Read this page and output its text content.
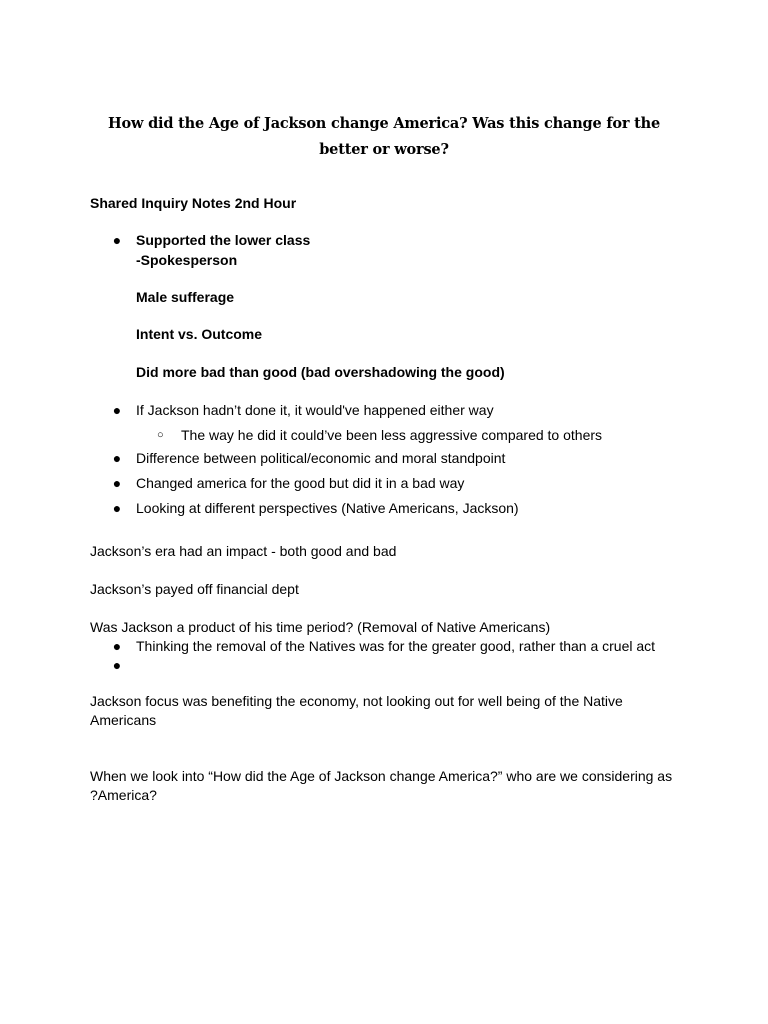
How did the Age of Jackson change America? Was this change for the better or worse?
Shared Inquiry Notes 2nd Hour
● Supported the lower class
-Spokesperson
Male sufferage
Intent vs. Outcome
Did more bad than good (bad overshadowing the good)
● If Jackson hadn’t done it, it would've happened either way
○ The way he did it could’ve been less aggressive compared to others
● Difference between political/economic and moral standpoint
● Changed america for the good but did it in a bad way
● Looking at different perspectives (Native Americans, Jackson)
Jackson’s era had an impact - both good and bad
Jackson’s payed off financial dept
Was Jackson a product of his time period? (Removal of Native Americans)
● Thinking the removal of the Natives was for the greater good, rather than a cruel act
●
Jackson focus was benefiting the economy, not looking out for well being of the Native
Americans
When we look into “How did the Age of Jackson change America?” who are we considering as
?America?
